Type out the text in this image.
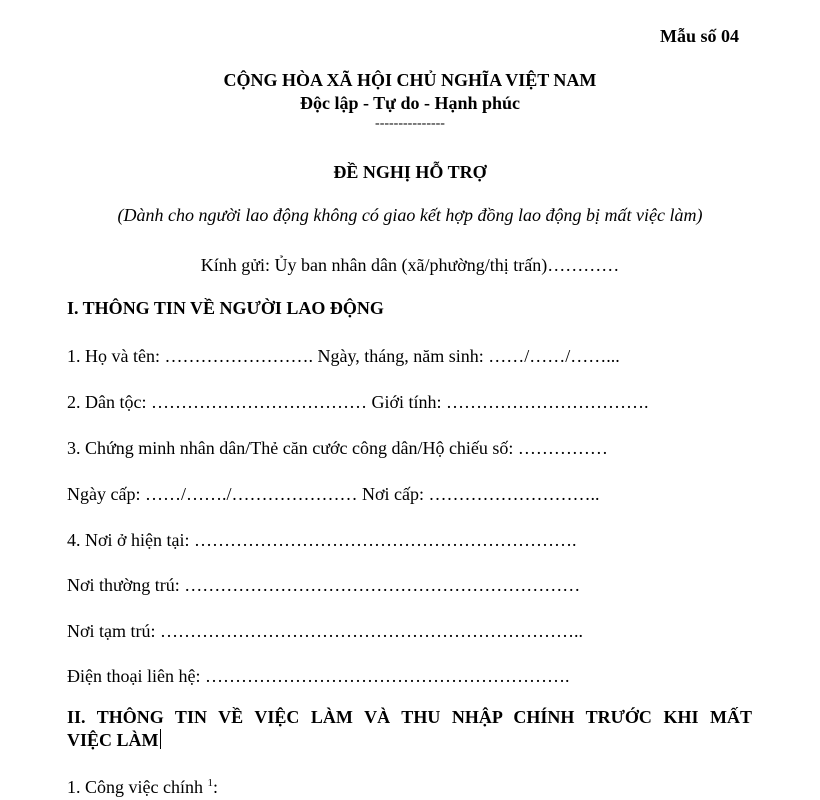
Mẫu số 04
CỘNG HÒA XÃ HỘI CHỦ NGHĨA VIỆT NAM
Độc lập - Tự do - Hạnh phúc
---------------
ĐỀ NGHỊ HỖ TRỢ
(Dành cho người lao động không có giao kết hợp đồng lao động bị mất việc làm)
Kính gửi: Ủy ban nhân dân (xã/phường/thị trấn)…………
I. THÔNG TIN VỀ NGƯỜI LAO ĐỘNG
1. Họ và tên: ……………………. Ngày, tháng, năm sinh: ……/……/……...
2. Dân tộc: ……………………………… Giới tính: …………………………….
3. Chứng minh nhân dân/Thẻ căn cước công dân/Hộ chiếu số: ……………
Ngày cấp: ……/……./………………… Nơi cấp: ………………………..
4. Nơi ở hiện tại: ……………………………………………………….
Nơi thường trú: …………………………………………………………
Nơi tạm trú: ……………………………………………………………..
Điện thoại liên hệ: …………………………………………………….
II. THÔNG TIN VỀ VIỆC LÀM VÀ THU NHẬP CHÍNH TRƯỚC KHI MẤT
VIỆC LÀM
1. Công việc chính $^1$:
